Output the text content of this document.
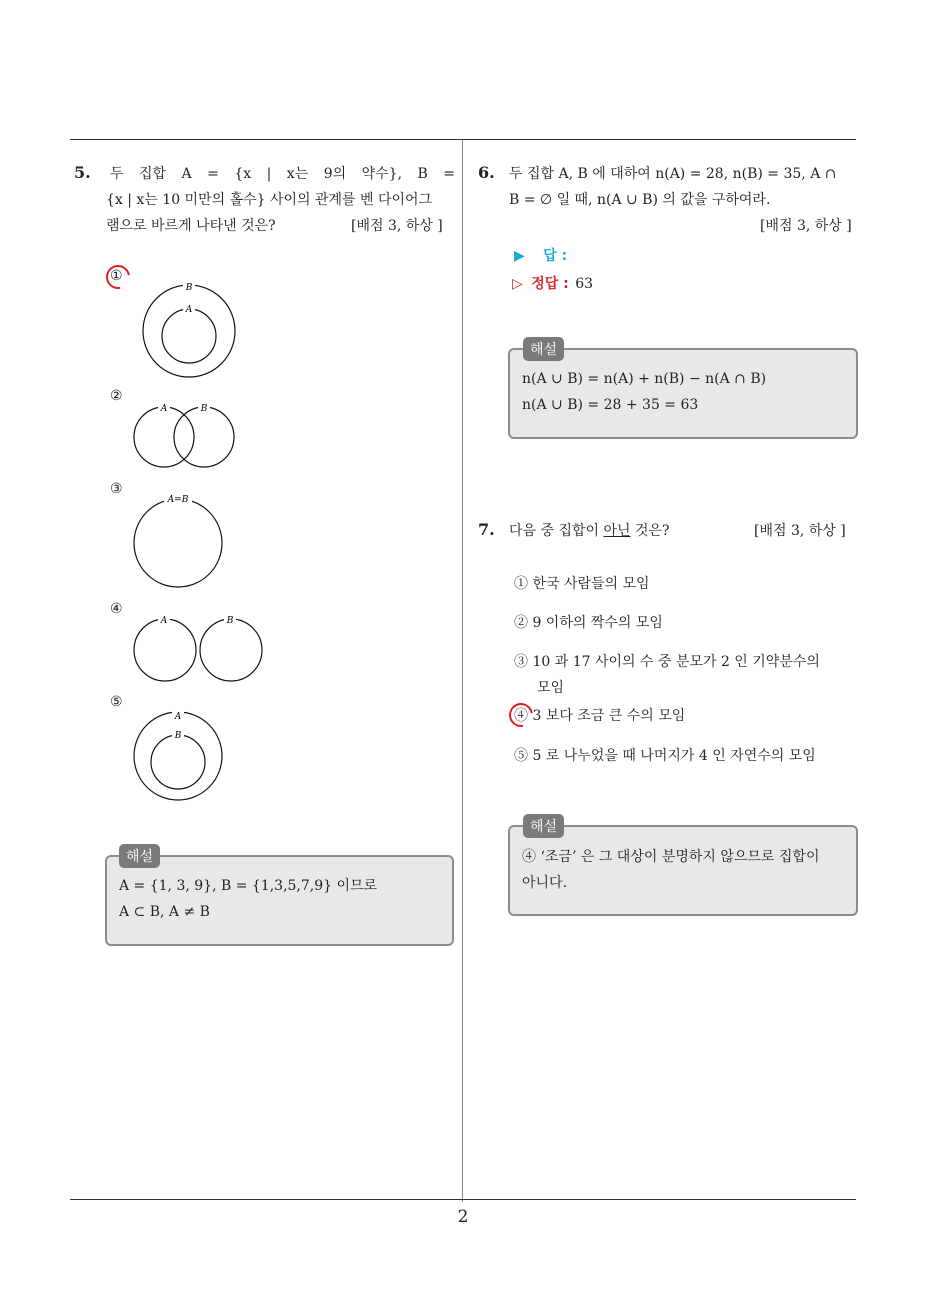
5. 두 집합 A = {x | x는 9의 약수}, B =
{x | x는 10 미만의 홀수} 사이의 관계를 벤 다이어그
램으로 바르게 나타낸 것은?	[배점 3, 하상 ]
①
②
③
④
⑤
B
A
A	B
A=B
A	B
A
B
해설
A = {1, 3, 9}, B = {1,3,5,7,9} 이므로
A ⊂ B, A ≠ B
6. 두 집합 A, B 에 대하여 n(A) = 28, n(B) = 35, A ∩
B = ∅ 일 때, n(A ∪ B) 의 값을 구하여라.
[배점 3, 하상 ]
▶ 답 :
▷ 정답 : 63
해설
n(A ∪ B) = n(A) + n(B) − n(A ∩ B)
n(A ∪ B) = 28 + 35 = 63
7. 다음 중 집합이 아닌 것은?	[배점 3, 하상 ]
① 한국 사람들의 모임
② 9 이하의 짝수의 모임
③ 10 과 17 사이의 수 중 분모가 2 인 기약분수의
모임
④ 3 보다 조금 큰 수의 모임
⑤ 5 로 나누었을 때 나머지가 4 인 자연수의 모임
해설
④ ‘조금’ 은 그 대상이 분명하지 않으므로 집합이
아니다.
2
